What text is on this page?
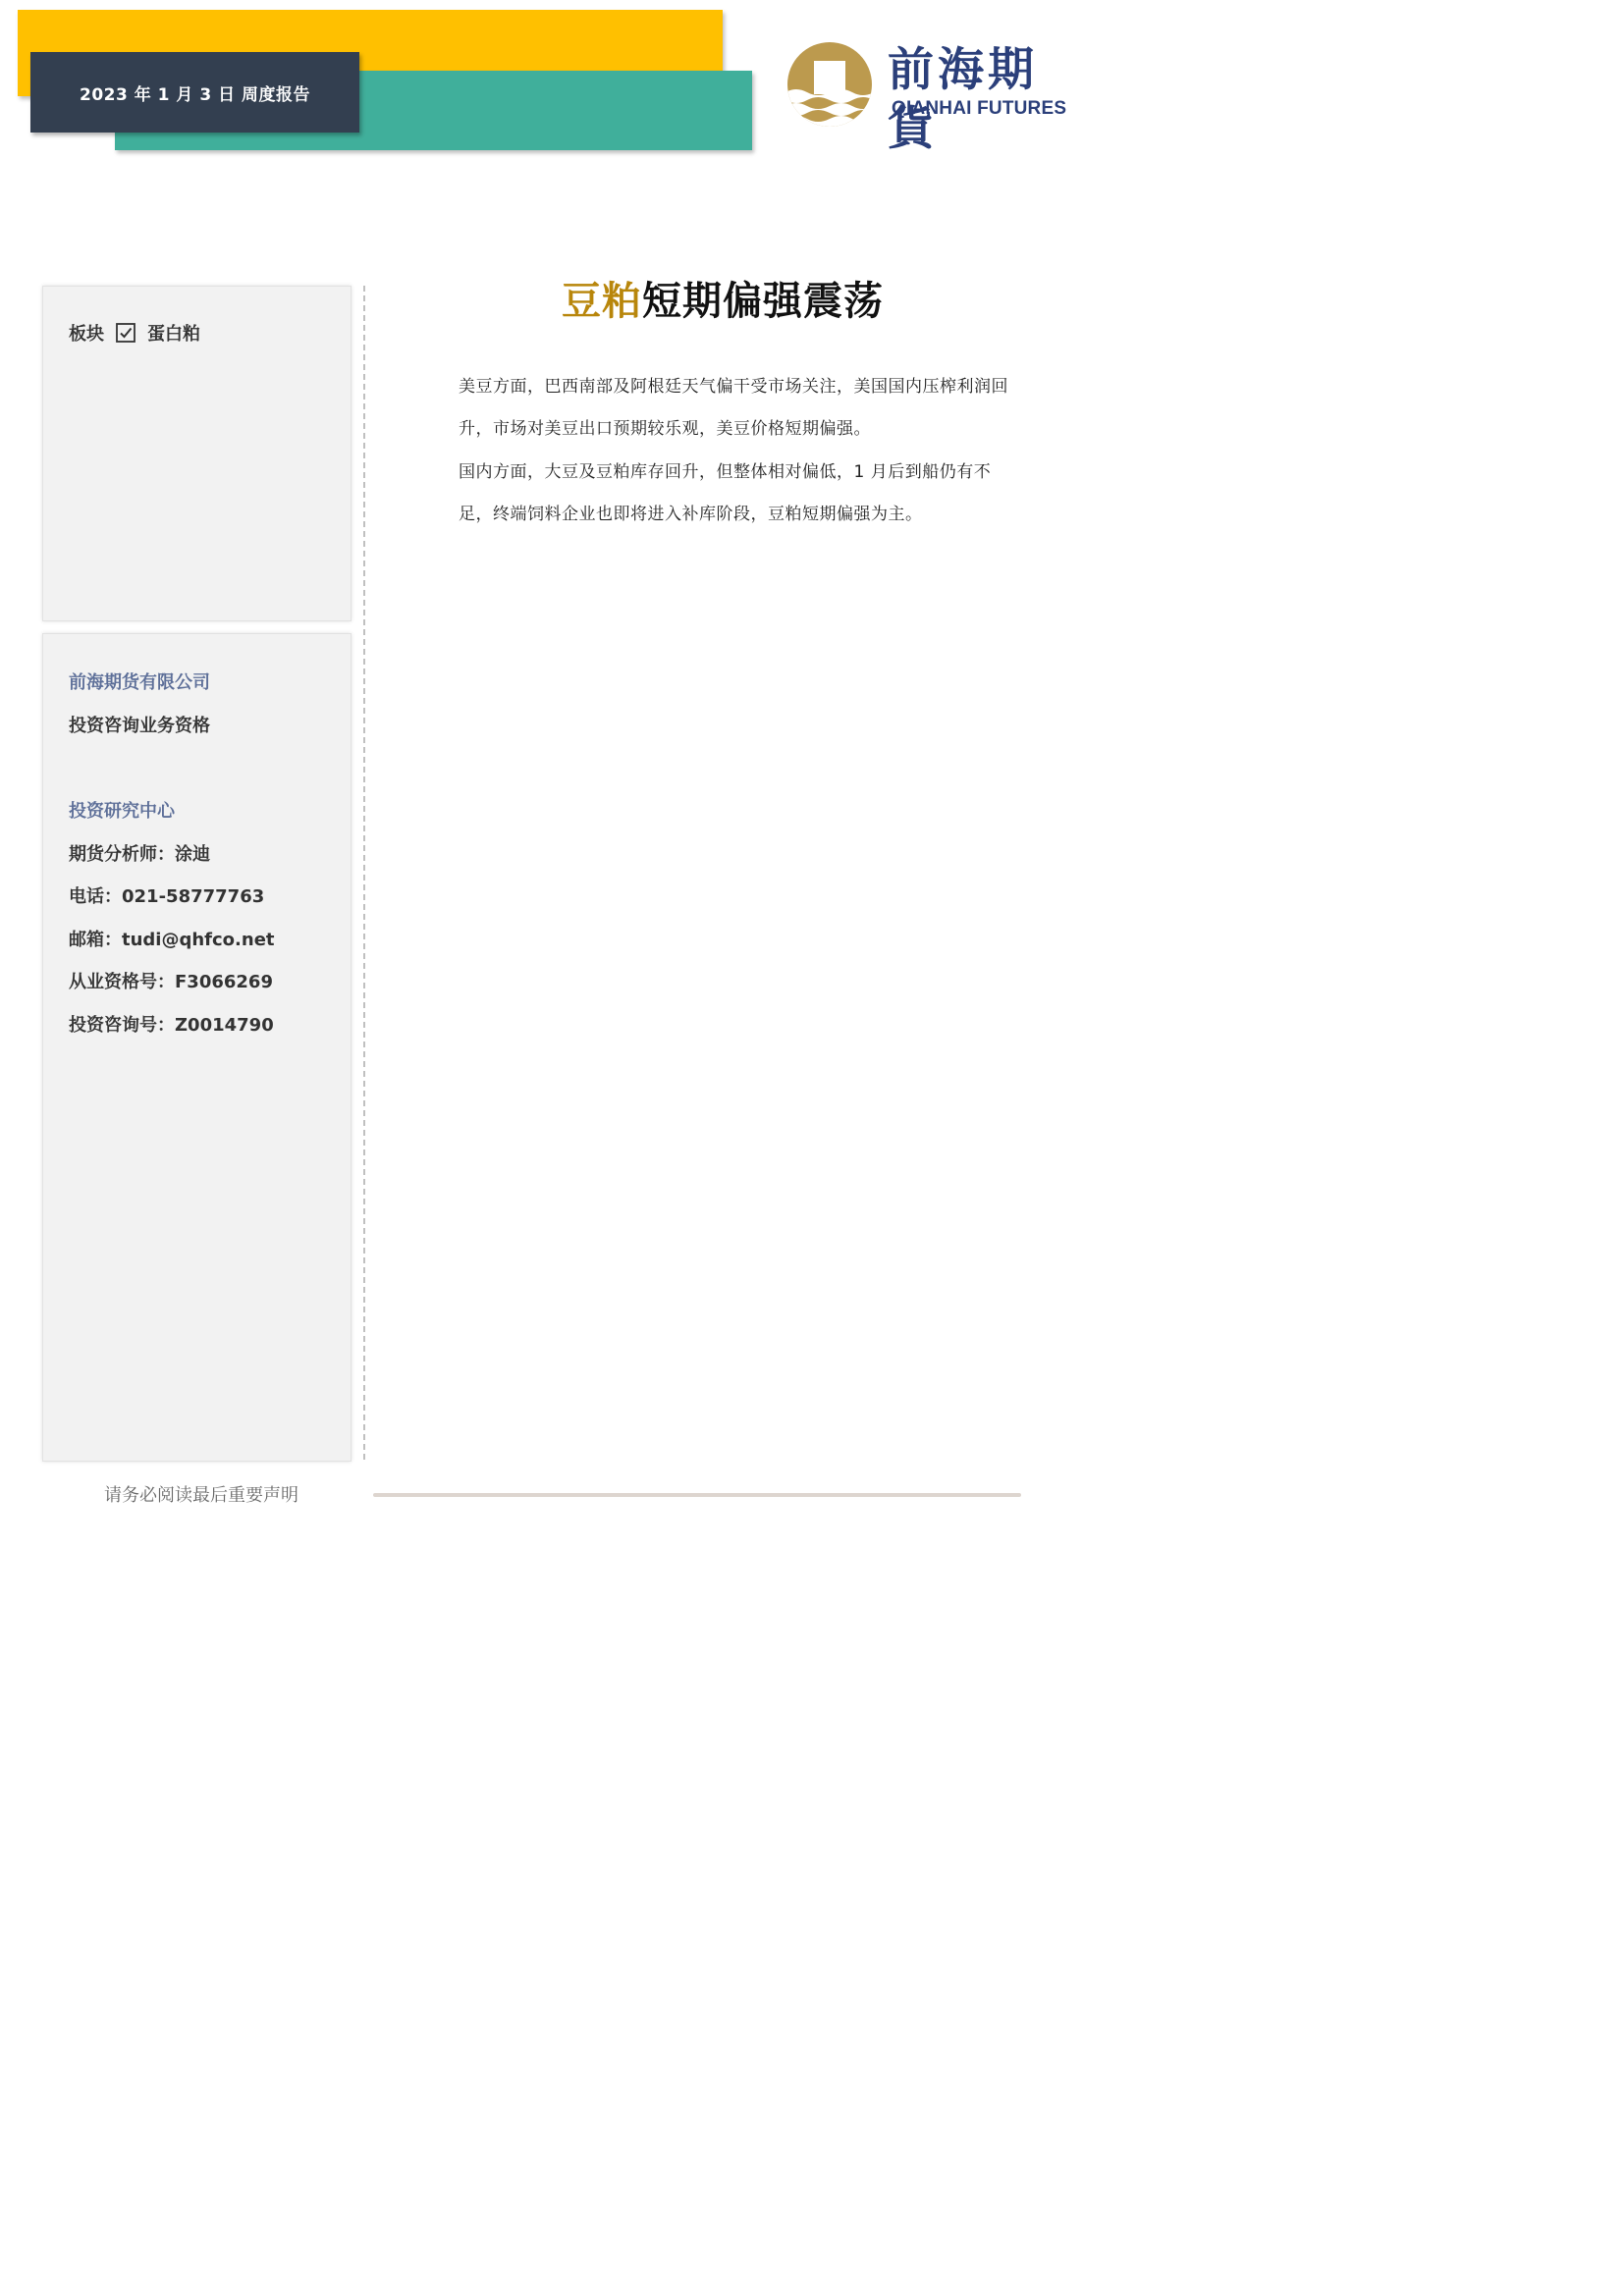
2023 年 1 月 3 日 周度报告	前海期貨
QIANHAI FUTURES
板块 蛋白粕
前海期货有限公司
投资咨询业务资格
投资研究中心
期货分析师：涂迪
电话：021-58777763
邮箱：tudi@qhfco.net
从业资格号：F3066269
投资咨询号：Z0014790
豆粕短期偏强震荡
美豆方面，巴西南部及阿根廷天气偏干受市场关注，美国国内压榨利润回升，市场对美豆出口预期较乐观，美豆价格短期偏强。
国内方面，大豆及豆粕库存回升，但整体相对偏低，1 月后到船仍有不足，终端饲料企业也即将进入补库阶段，豆粕短期偏强为主。
请务必阅读最后重要声明
